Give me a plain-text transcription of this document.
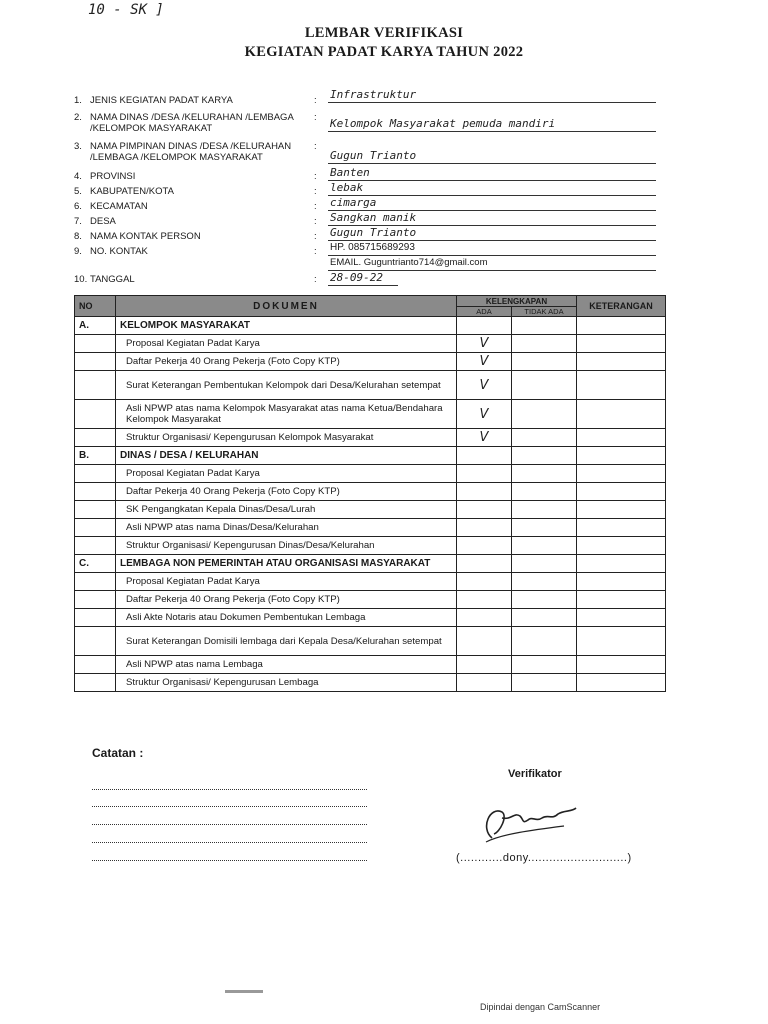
10 - SK ]
LEMBAR VERIFIKASI
KEGIATAN PADAT KARYA TAHUN 2022
1. JENIS KEGIATAN PADAT KARYA	: Infrastruktur
2. NAMA DINAS /DESA /KELURAHAN /LEMBAGA /KELOMPOK MASYARAKAT
: Kelompok Masyarakat pemuda mandiri
3. NAMA PIMPINAN DINAS /DESA /KELURAHAN /LEMBAGA /KELOMPOK MASYARAKAT
:
Gugun Trianto
4. PROVINSI	: Banten
5. KABUPATEN/KOTA	: lebak
6. KECAMATAN	: cimarga
7. DESA	: Sangkan manik
8. NAMA KONTAK PERSON	: Gugun Trianto
9. NO. KONTAK	: HP. 085715689293
EMAIL. Guguntrianto714@gmail.com
10. TANGGAL	: 28-09-22
NO	DOKUMEN	KELENGKAPAN		KETERANGAN
		ADA	TIDAK ADA	
A.	KELOMPOK MASYARAKAT			
	Proposal Kegiatan Padat Karya	V		
	Daftar Pekerja 40 Orang Pekerja (Foto Copy KTP)	V		
	Surat Keterangan Pembentukan Kelompok dari Desa/Kelurahan setempat	V		
	Asli NPWP atas nama Kelompok Masyarakat atas nama Ketua/Bendahara Kelompok Masyarakat	V		
	Struktur Organisasi/ Kepengurusan Kelompok Masyarakat	V		
B.	DINAS / DESA / KELURAHAN			
	Proposal Kegiatan Padat Karya			
	Daftar Pekerja 40 Orang Pekerja (Foto Copy KTP)			
	SK Pengangkatan Kepala Dinas/Desa/Lurah			
	Asli NPWP atas nama Dinas/Desa/Kelurahan			
	Struktur Organisasi/ Kepengurusan Dinas/Desa/Kelurahan			
C.	LEMBAGA NON PEMERINTAH ATAU ORGANISASI MASYARAKAT			
	Proposal Kegiatan Padat Karya			
	Daftar Pekerja 40 Orang Pekerja (Foto Copy KTP)			
	Asli Akte Notaris atau Dokumen Pembentukan Lembaga			
	Surat Keterangan Domisili lembaga dari Kepala Desa/Kelurahan setempat			
	Asli NPWP atas nama Lembaga			
	Struktur Organisasi/ Kepengurusan Lembaga			
Catatan :
Verifikator
(............dony............................)
Dipindai dengan CamScanner
